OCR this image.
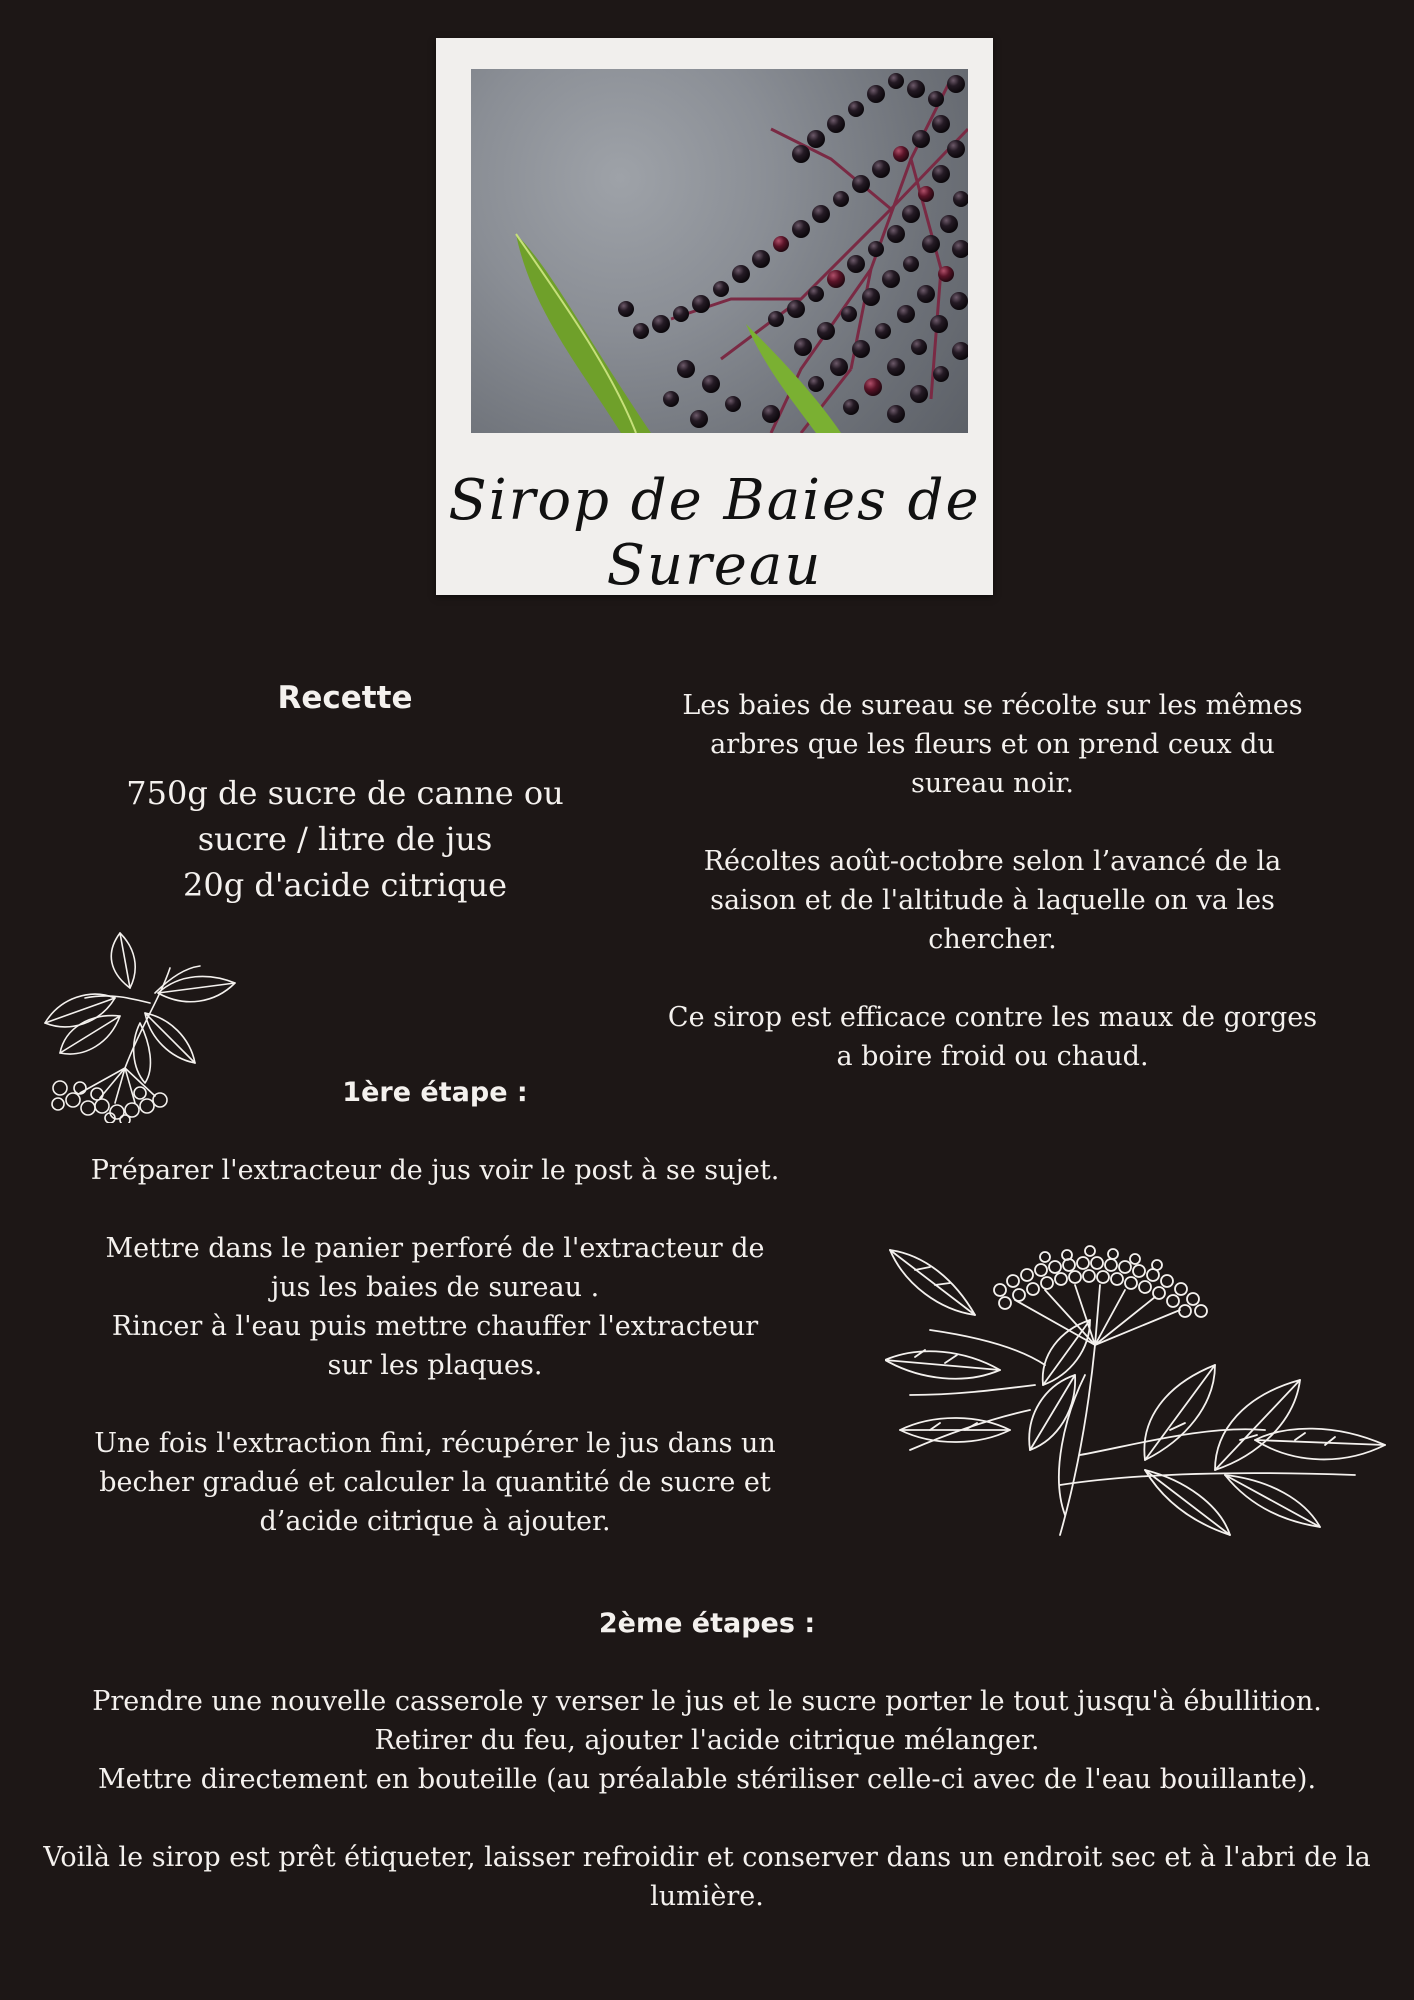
Sirop de Baies de Sureau
Recette
750g de sucre de canne ou
sucre / litre de jus
20g d'acide citrique

Les baies de sureau se récolte sur les mêmes
arbres que les fleurs et on prend ceux du
sureau noir.

Récoltes août-octobre selon l’avancé de la
saison et de l'altitude à laquelle on va les
chercher.

Ce sirop est efficace contre les maux de gorges
a boire froid ou chaud.

1ère étape :

Préparer l'extracteur de jus voir le post à se sujet.

Mettre dans le panier perforé de l'extracteur de
jus les baies de sureau .
Rincer à l'eau puis mettre chauffer l'extracteur
sur les plaques.

Une fois l'extraction fini, récupérer le jus dans un
becher gradué et calculer la quantité de sucre et
d’acide citrique à ajouter.

2ème étapes :

Prendre une nouvelle casserole y verser le jus et le sucre porter le tout jusqu'à ébullition.
Retirer du feu, ajouter l'acide citrique mélanger.
Mettre directement en bouteille (au préalable stériliser celle-ci avec de l'eau bouillante).

Voilà le sirop est prêt étiqueter, laisser refroidir et conserver dans un endroit sec et à l'abri de la
lumière.
